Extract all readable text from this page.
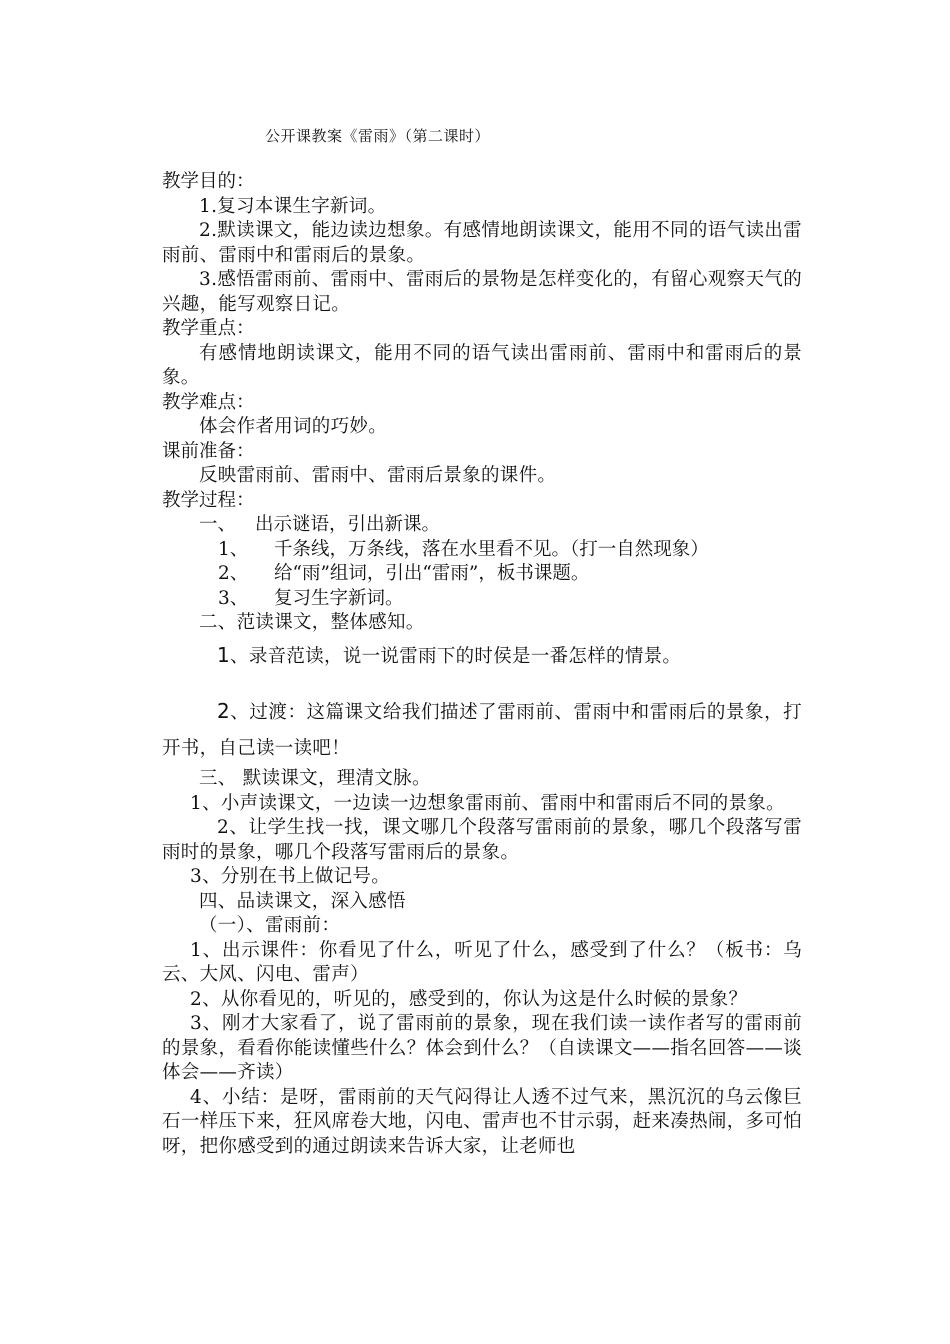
公开课教案《雷雨》（第二课时）

教学目的：

1.复习本课生字新词。

2.默读课文，能边读边想象。有感情地朗读课文，能用不同的语气读出雷雨前、雷雨中和雷雨后的景象。

3.感悟雷雨前、雷雨中、雷雨后的景物是怎样变化的，有留心观察天气的兴趣，能写观察日记。

教学重点：

有感情地朗读课文，能用不同的语气读出雷雨前、雷雨中和雷雨后的景象。

教学难点：

体会作者用词的巧妙。

课前准备：

反映雷雨前、雷雨中、雷雨后景象的课件。

教学过程：

一、	出示谜语，引出新课。
1、	千条线，万条线，落在水里看不见。（打一自然现象）
2、	给“雨”组词，引出“雷雨”，板书课题。
3、	复习生字新词。

二、范读课文，整体感知。

1、录音范读，说一说雷雨下的时侯是一番怎样的情景。

2、过渡：这篇课文给我们描述了雷雨前、雷雨中和雷雨后的景象，打开书，自己读一读吧！

三、 默读课文，理清文脉。

1、小声读课文，一边读一边想象雷雨前、雷雨中和雷雨后不同的景象。

2、让学生找一找，课文哪几个段落写雷雨前的景象，哪几个段落写雷雨时的景象，哪几个段落写雷雨后的景象。

3、分别在书上做记号。

四、品读课文，深入感悟

（一）、雷雨前：

1、出示课件：你看见了什么，听见了什么，感受到了什么？（板书：乌云、大风、闪电、雷声）

2、从你看见的，听见的，感受到的，你认为这是什么时候的景象？

3、刚才大家看了，说了雷雨前的景象，现在我们读一读作者写的雷雨前的景象，看看你能读懂些什么？体会到什么？（自读课文——指名回答——谈体会——齐读）

4、小结：是呀，雷雨前的天气闷得让人透不过气来，黑沉沉的乌云像巨石一样压下来，狂风席卷大地，闪电、雷声也不甘示弱，赶来凑热闹，多可怕呀，把你感受到的通过朗读来告诉大家，让老师也
